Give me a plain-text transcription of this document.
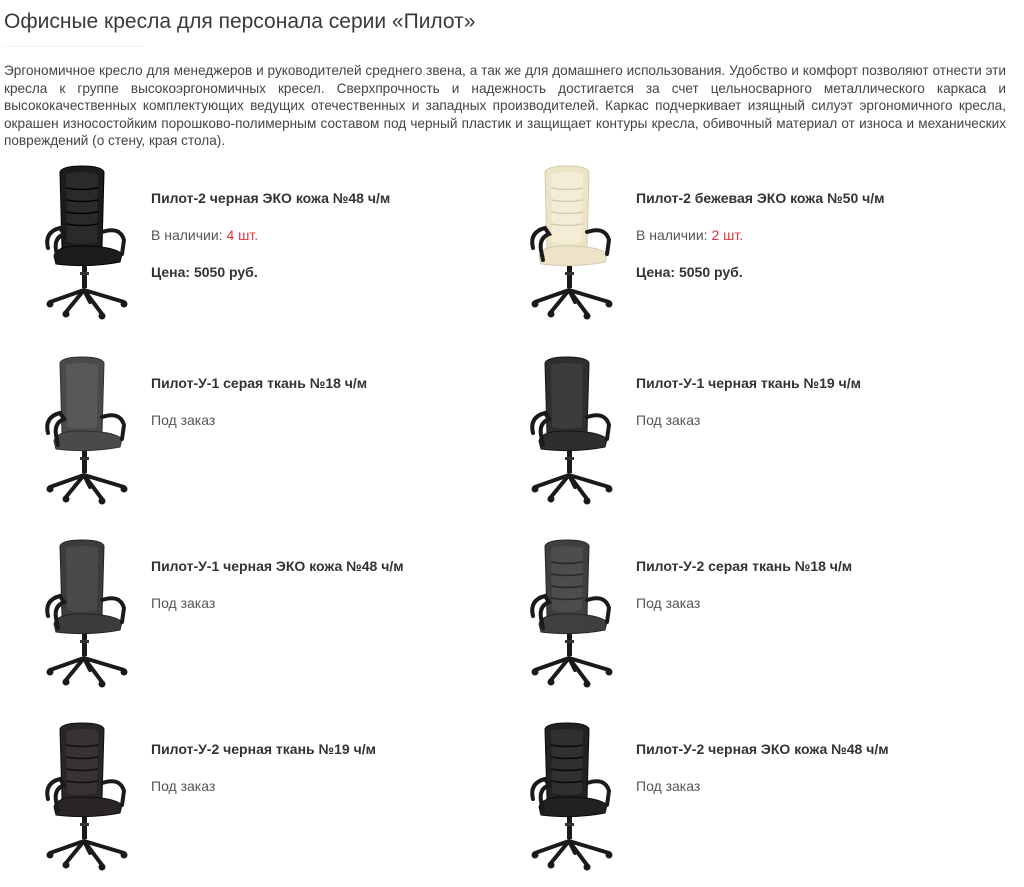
Офисные кресла для персонала серии «Пилот»

Эргономичное кресло для менеджеров и руководителей среднего звена, а так же для домашнего использования. Удобство и комфорт позволяют отнести эти кресла к группе высокоэргономичных кресел. Сверхпрочность и надежность достигается за счет цельносварного металлического каркаса и высококачественных комплектующих ведущих отечественных и западных производителей. Каркас подчеркивает изящный силуэт эргономичного кресла, окрашен износостойким порошково-полимерным составом под черный пластик и защищает контуры кресла, обивочный материал от износа и механических повреждений (о стену, края стола).

Пилот-2 черная ЭКО кожа №48 ч/м
В наличии: 4 шт.
Цена: 5050 руб.
Пилот-2 бежевая ЭКО кожа №50 ч/м
В наличии: 2 шт.
Цена: 5050 руб.
Пилот-У-1 серая ткань №18 ч/м
Под заказ
Пилот-У-1 черная ткань №19 ч/м
Под заказ
Пилот-У-1 черная ЭКО кожа №48 ч/м
Под заказ
Пилот-У-2 серая ткань №18 ч/м
Под заказ
Пилот-У-2 черная ткань №19 ч/м
Под заказ
Пилот-У-2 черная ЭКО кожа №48 ч/м
Под заказ
